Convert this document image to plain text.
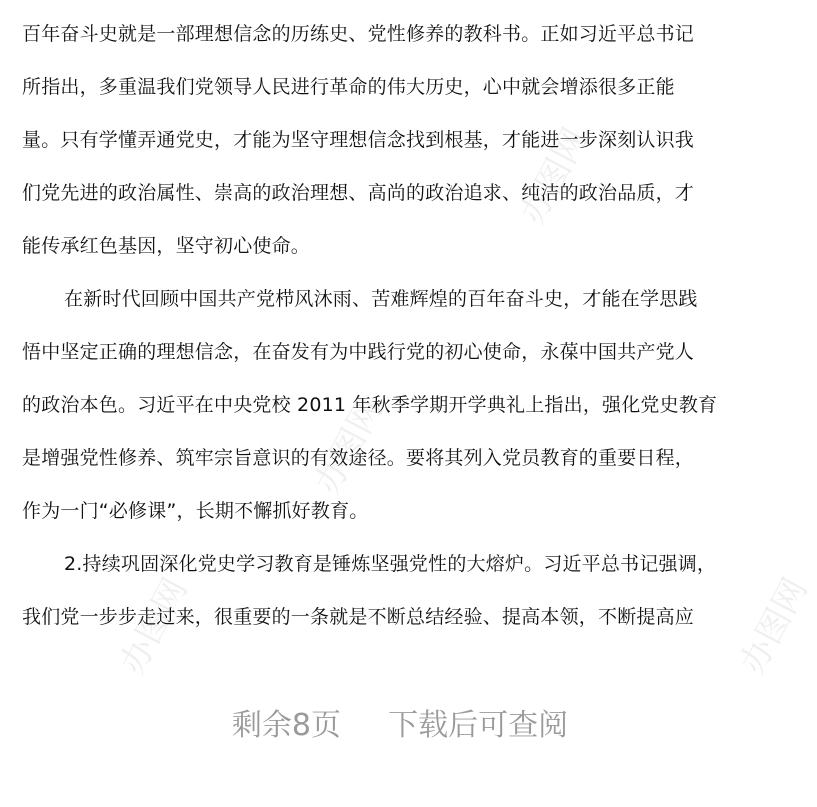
办图网
办图网
办图网	办图网
百年奋斗史就是一部理想信念的历练史、党性修养的教科书。正如习近平总书记
所指出，多重温我们党领导人民进行革命的伟大历史，心中就会增添很多正能
量。只有学懂弄通党史，才能为坚守理想信念找到根基，才能进一步深刻认识我
们党先进的政治属性、崇高的政治理想、高尚的政治追求、纯洁的政治品质，才
能传承红色基因，坚守初心使命。
在新时代回顾中国共产党栉风沐雨、苦难辉煌的百年奋斗史，才能在学思践
悟中坚定正确的理想信念，在奋发有为中践行党的初心使命，永葆中国共产党人
的政治本色。习近平在中央党校 2011 年秋季学期开学典礼上指出，强化党史教育
是增强党性修养、筑牢宗旨意识的有效途径。要将其列入党员教育的重要日程，
作为一门“必修课”，长期不懈抓好教育。
2.持续巩固深化党史学习教育是锤炼坚强党性的大熔炉。习近平总书记强调，
我们党一步步走过来，很重要的一条就是不断总结经验、提高本领，不断提高应
剩余8页 下载后可查阅
